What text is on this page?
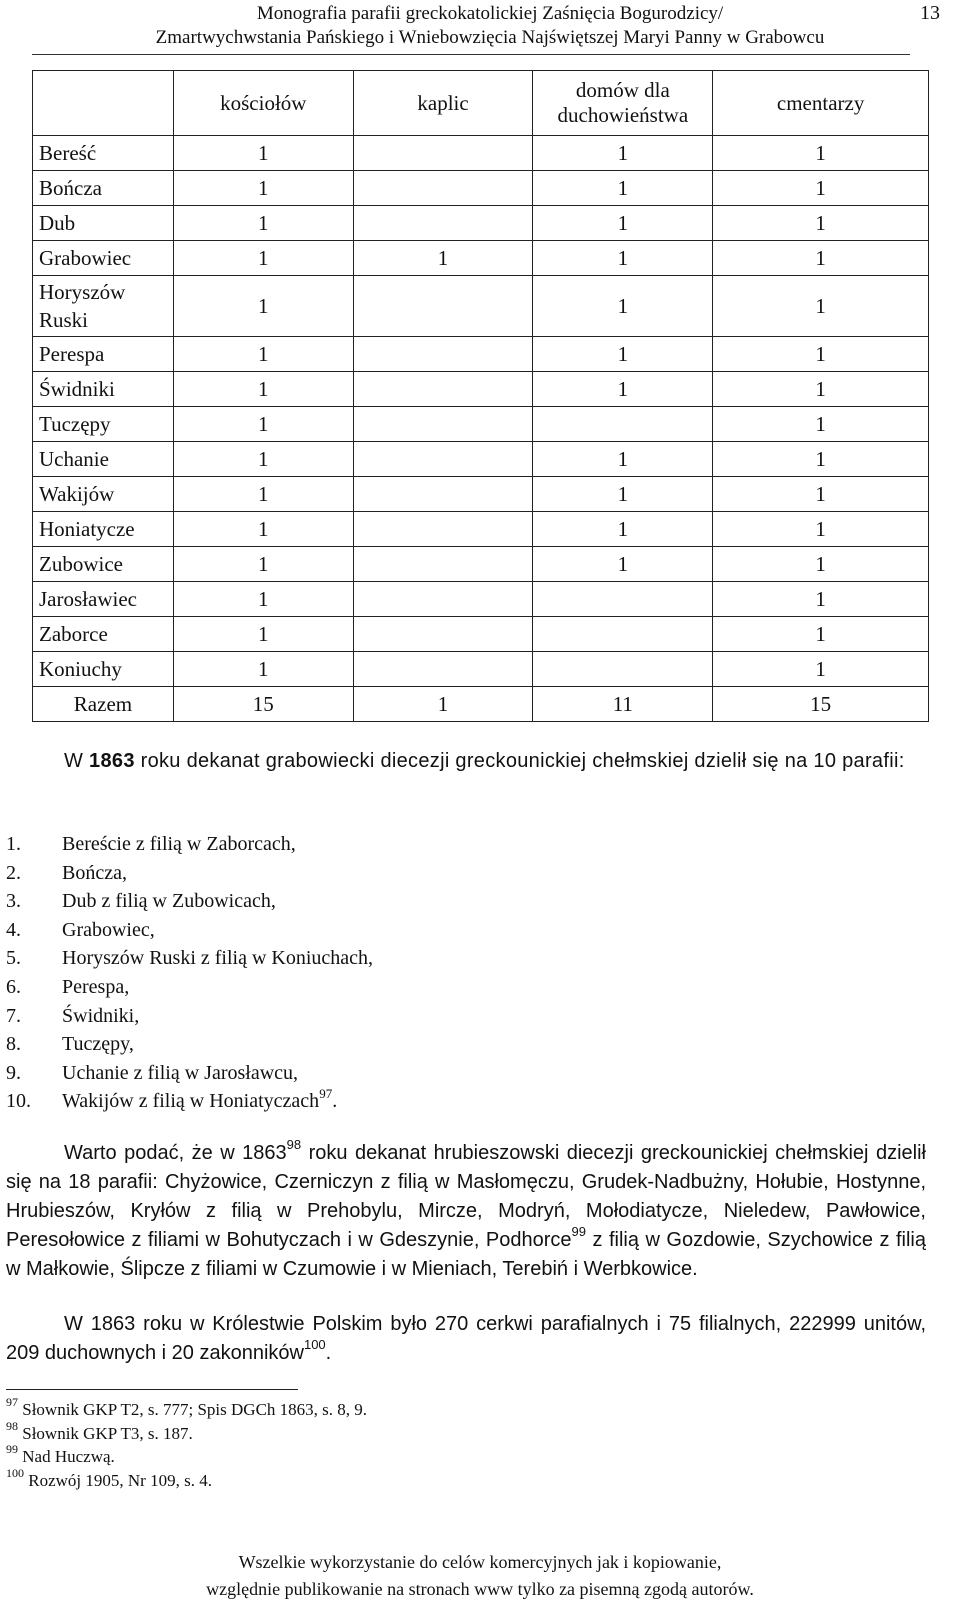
Monografia parafii greckokatolickiej Zaśnięcia Bogurodzicy/
Zmartwychwstania Pańskiego i Wniebowzięcia Najświętszej Maryi Panny w Grabowcu
13
	kościołów	kaplic	domów dla duchowieństwa	cmentarzy
Bereść	1		1	1
Bończa	1		1	1
Dub	1		1	1
Grabowiec	1	1	1	1
Horyszów Ruski	1		1	1
Perespa	1		1	1
Świdniki	1		1	1
Tuczępy	1			1
Uchanie	1		1	1
Wakijów	1		1	1
Honiatycze	1		1	1
Zubowice	1		1	1
Jarosławiec	1			1
Zaborce	1			1
Koniuchy	1			1
Razem	15	1	11	15
W 1863 roku dekanat grabowiecki diecezji greckounickiej chełmskiej dzielił się na 10 parafii:
1. Bereście z filią w Zaborcach,
2. Bończa,
3. Dub z filią w Zubowicach,
4. Grabowiec,
5. Horyszów Ruski z filią w Koniuchach,
6. Perespa,
7. Świdniki,
8. Tuczępy,
9. Uchanie z filią w Jarosławcu,
10. Wakijów z filią w Honiatyczach$^{97}$.
Warto podać, że w 1863$^{98}$ roku dekanat hrubieszowski diecezji greckounickiej chełmskiej dzielił się na 18 parafii: Chyżowice, Czerniczyn z filią w Masłomęczu, Grudek-Nadbużny, Hołubie, Hostynne, Hrubieszów, Kryłów z filią w Prehobylu, Mircze, Modryń, Mołodiatycze, Nieledew, Pawłowice, Peresołowice z filiami w Bohutyczach i w Gdeszynie, Podhorce$^{99}$ z filią w Gozdowie, Szychowice z filią w Małkowie, Ślipcze z filiami w Czumowie i w Mieniach, Terebiń i Werbkowice.
W 1863 roku w Królestwie Polskim było 270 cerkwi parafialnych i 75 filialnych, 222999 unitów, 209 duchownych i 20 zakonników$^{100}$.
$^{97}$ Słownik GKP T2, s. 777; Spis DGCh 1863, s. 8, 9.
$^{98}$ Słownik GKP T3, s. 187.
$^{99}$ Nad Huczwą.
$^{100}$ Rozwój 1905, Nr 109, s. 4.
Wszelkie wykorzystanie do celów komercyjnych jak i kopiowanie,
względnie publikowanie na stronach www tylko za pisemną zgodą autorów.
